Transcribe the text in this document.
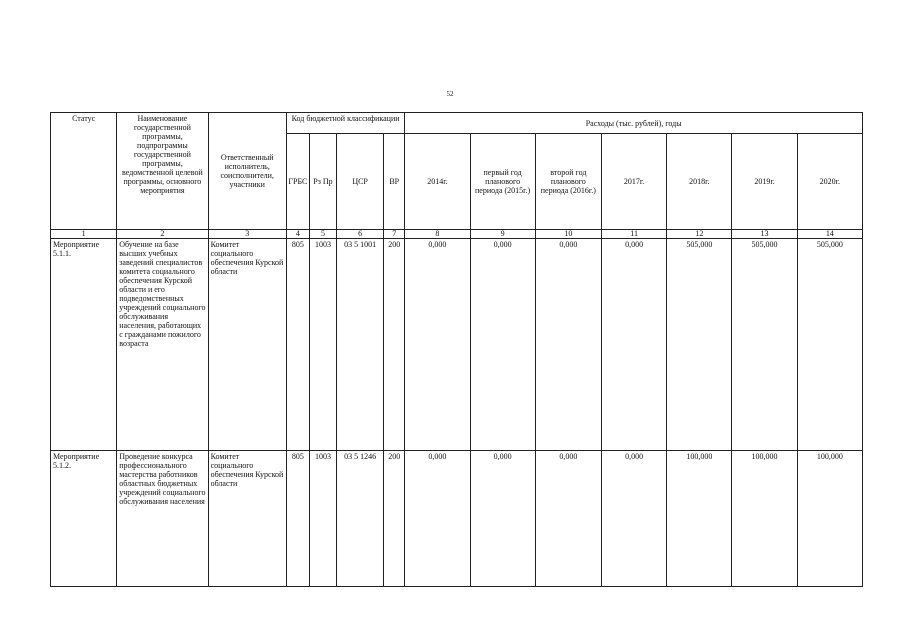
52
Статус	Наименование государственной программы, подпрограммы государственной программы, ведомственной целевой программы, основного мероприятия	Ответственный исполнитель, соисполнители, участники	Код бюджетной классификации				Расходы (тыс. рублей), годы						
			ГРБС	Рз Пр	ЦСР	ВР	2014г.	первый год планового периода (2015г.)	второй год планового периода (2016г.)	2017г.	2018г.	2019г.	2020г.
1	2	3	4	5	6	7	8	9	10	11	12	13	14
Мероприятие 5.1.1.	Обучение на базе высших учебных заведений специалистов комитета социального обеспечения Курской области и его подведомственных учреждений социального обслуживания населения, работающих с гражданами пожилого возраста	Комитет социального обеспечения Курской области	805	1003	03 5 1001	200	0,000	0,000	0,000	0,000	505,000	505,000	505,000
Мероприятие 5.1.2.	Проведение конкурса профессионального мастерства работников областных бюджетных учреждений социального обслуживания населения	Комитет социального обеспечения Курской области	805	1003	03 5 1246	200	0,000	0,000	0,000	0,000	100,000	100,000	100,000
